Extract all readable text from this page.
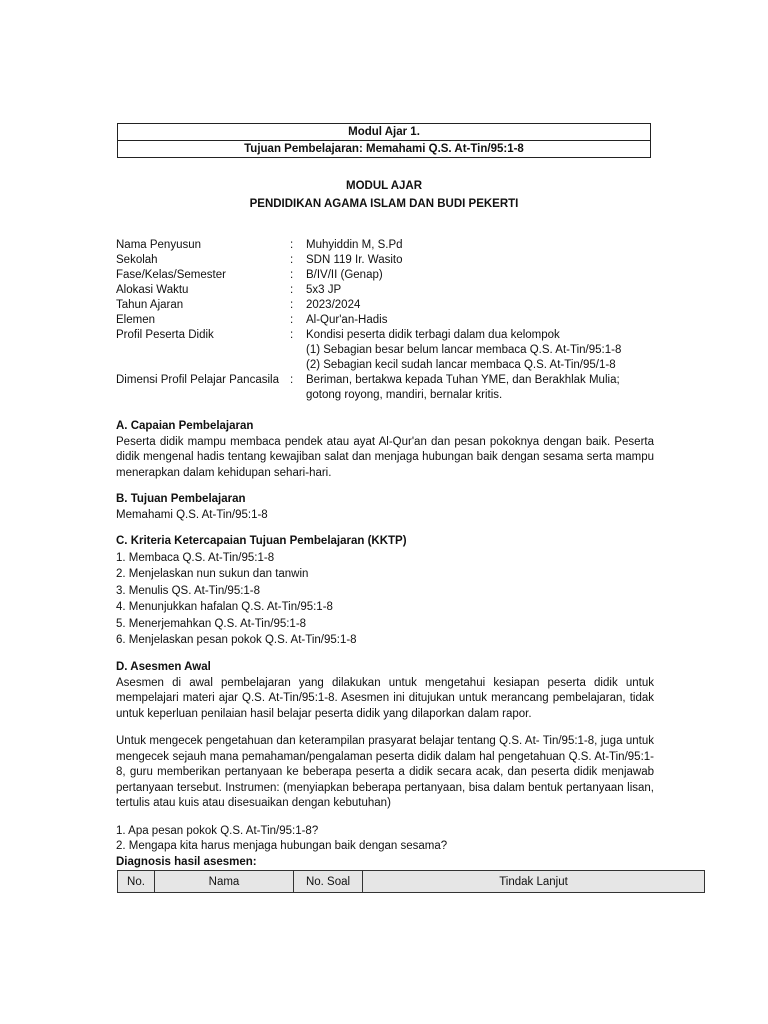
Modul Ajar 1.
Tujuan Pembelajaran: Memahami Q.S. At-Tin/95:1-8
MODUL AJAR
PENDIDIKAN AGAMA ISLAM DAN BUDI PEKERTI
Nama Penyusun	:	Muhyiddin M, S.Pd
Sekolah	:	SDN 119 Ir. Wasito
Fase/Kelas/Semester	:	B/IV/II (Genap)
Alokasi Waktu	:	5x3 JP
Tahun Ajaran	:	2023/2024
Elemen	:	Al-Qur'an-Hadis
Profil Peserta Didik	:	Kondisi peserta didik terbagi dalam dua kelompok
(1) Sebagian besar belum lancar membaca Q.S. At-Tin/95:1-8
(2) Sebagian kecil sudah lancar membaca Q.S. At-Tin/95/1-8
Dimensi Profil Pelajar Pancasila :	Beriman, bertakwa kepada Tuhan YME, dan Berakhlak Mulia;
gotong royong, mandiri, bernalar kritis.
A. Capaian Pembelajaran

Peserta didik mampu membaca pendek atau ayat Al-Qur'an dan pesan pokoknya dengan baik. Peserta didik mengenal hadis tentang kewajiban salat dan menjaga hubungan baik dengan sesama serta mampu menerapkan dalam kehidupan sehari-hari.

B. Tujuan Pembelajaran

Memahami Q.S. At-Tin/95:1-8

C. Kriteria Ketercapaian Tujuan Pembelajaran (KKTP)
1. Membaca Q.S. At-Tin/95:1-8
2. Menjelaskan nun sukun dan tanwin
3. Menulis QS. At-Tin/95:1-8
4. Menunjukkan hafalan Q.S. At-Tin/95:1-8
5. Menerjemahkan Q.S. At-Tin/95:1-8
6. Menjelaskan pesan pokok Q.S. At-Tin/95:1-8
D. Asesmen Awal

Asesmen di awal pembelajaran yang dilakukan untuk mengetahui kesiapan peserta didik untuk mempelajari materi ajar Q.S. At-Tin/95:1-8. Asesmen ini ditujukan untuk merancang pembelajaran, tidak untuk keperluan penilaian hasil belajar peserta didik yang dilaporkan dalam rapor.

Untuk mengecek pengetahuan dan keterampilan prasyarat belajar tentang Q.S. At- Tin/95:1-8, juga untuk mengecek sejauh mana pemahaman/pengalaman peserta didik dalam hal pengetahuan Q.S. At-Tin/95:1-8, guru memberikan pertanyaan ke beberapa peserta a didik secara acak, dan peserta didik menjawab pertanyaan tersebut. Instrumen: (menyiapkan beberapa pertanyaan, bisa dalam bentuk pertanyaan lisan, tertulis atau kuis atau disesuaikan dengan kebutuhan)

1. Apa pesan pokok Q.S. At-Tin/95:1-8?
2. Mengapa kita harus menjaga hubungan baik dengan sesama?
Diagnosis hasil asesmen:
No.	Nama	No. Soal	Tindak Lanjut
